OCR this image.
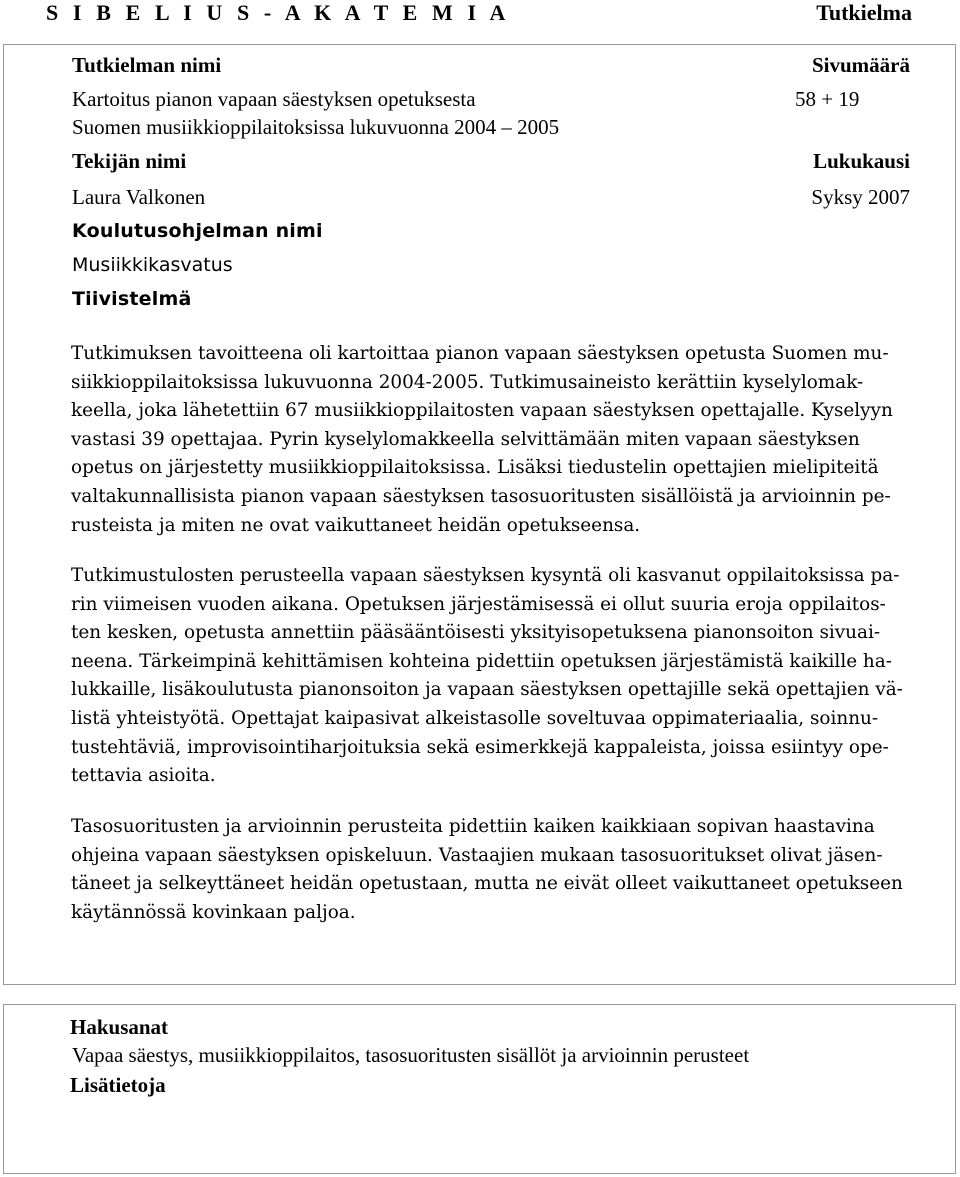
S I B E L I U S - A K A T E M I A	Tutkielma
Tutkielman nimi	Sivumäärä
Kartoitus pianon vapaan säestyksen opetuksesta	58 + 19
Suomen musiikkioppilaitoksissa lukuvuonna 2004 – 2005
Tekijän nimi	Lukukausi
Laura Valkonen	Syksy 2007
Koulutusohjelman nimi
Musiikkikasvatus
Tiivistelmä

Tutkimuksen tavoitteena oli kartoittaa pianon vapaan säestyksen opetusta Suomen mu-

siikkioppilaitoksissa lukuvuonna 2004-2005. Tutkimusaineisto kerättiin kyselylomak-

keella, joka lähetettiin 67 musiikkioppilaitosten vapaan säestyksen opettajalle. Kyselyyn

vastasi 39 opettajaa. Pyrin kyselylomakkeella selvittämään miten vapaan säestyksen

opetus on järjestetty musiikkioppilaitoksissa. Lisäksi tiedustelin opettajien mielipiteitä

valtakunnallisista pianon vapaan säestyksen tasosuoritusten sisällöistä ja arvioinnin pe-

rusteista ja miten ne ovat vaikuttaneet heidän opetukseensa.

Tutkimustulosten perusteella vapaan säestyksen kysyntä oli kasvanut oppilaitoksissa pa-

rin viimeisen vuoden aikana. Opetuksen järjestämisessä ei ollut suuria eroja oppilaitos-

ten kesken, opetusta annettiin pääsääntöisesti yksityisopetuksena pianonsoiton sivuai-

neena. Tärkeimpinä kehittämisen kohteina pidettiin opetuksen järjestämistä kaikille ha-

lukkaille, lisäkoulutusta pianonsoiton ja vapaan säestyksen opettajille sekä opettajien vä-

listä yhteistyötä. Opettajat kaipasivat alkeistasolle soveltuvaa oppimateriaalia, soinnu-

tustehtäviä, improvisointiharjoituksia sekä esimerkkejä kappaleista, joissa esiintyy ope-

tettavia asioita.

Tasosuoritusten ja arvioinnin perusteita pidettiin kaiken kaikkiaan sopivan haastavina

ohjeina vapaan säestyksen opiskeluun. Vastaajien mukaan tasosuoritukset olivat jäsen-

täneet ja selkeyttäneet heidän opetustaan, mutta ne eivät olleet vaikuttaneet opetukseen

käytännössä kovinkaan paljoa.

Hakusanat
Vapaa säestys, musiikkioppilaitos, tasosuoritusten sisällöt ja arvioinnin perusteet
Lisätietoja
